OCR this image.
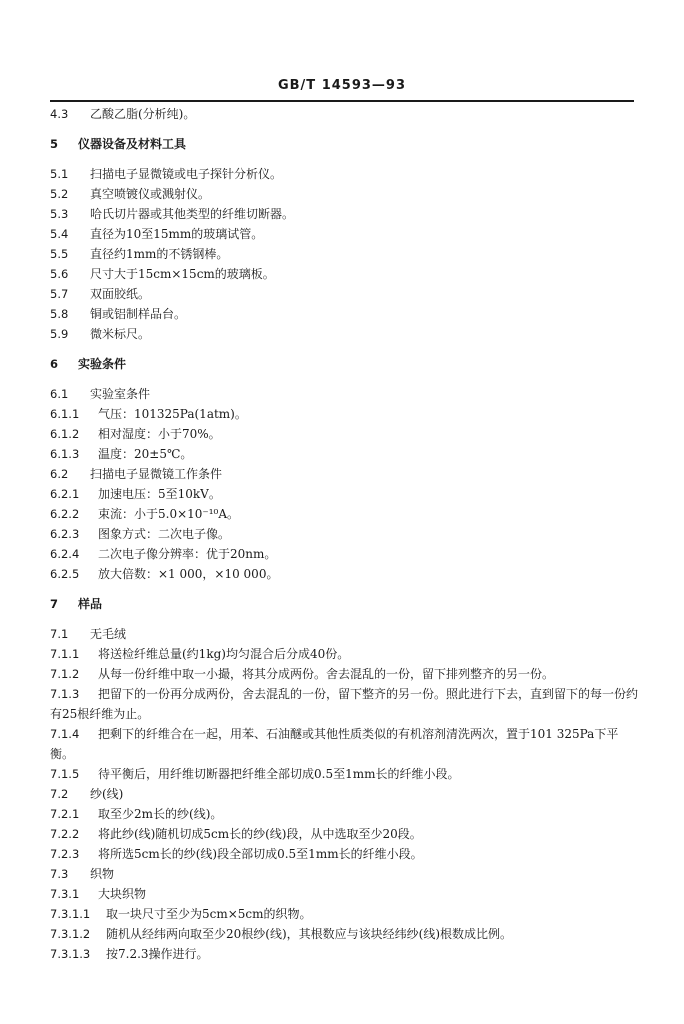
GB/T 14593—93
4.3 乙酸乙脂(分析纯)。
5 仪器设备及材料工具
5.1 扫描电子显微镜或电子探针分析仪。
5.2 真空喷镀仪或溅射仪。
5.3 哈氏切片器或其他类型的纤维切断器。
5.4 直径为10至15mm的玻璃试管。
5.5 直径约1mm的不锈钢棒。
5.6 尺寸大于15cm×15cm的玻璃板。
5.7 双面胶纸。
5.8 铜或铝制样品台。
5.9 微米标尺。
6 实验条件
6.1 实验室条件
6.1.1 气压：101325Pa(1atm)。
6.1.2 相对湿度：小于70%。
6.1.3 温度：20±5℃。
6.2 扫描电子显微镜工作条件
6.2.1 加速电压：5至10kV。
6.2.2 束流：小于5.0×10⁻¹⁰A。
6.2.3 图象方式：二次电子像。
6.2.4 二次电子像分辨率：优于20nm。
6.2.5 放大倍数：×1 000，×10 000。
7 样品
7.1 无毛绒
7.1.1 将送检纤维总量(约1kg)均匀混合后分成40份。
7.1.2 从每一份纤维中取一小撮，将其分成两份。舍去混乱的一份，留下排列整齐的另一份。
7.1.3 把留下的一份再分成两份，舍去混乱的一份，留下整齐的另一份。照此进行下去，直到留下的每一份约有25根纤维为止。
7.1.4 把剩下的纤维合在一起，用苯、石油醚或其他性质类似的有机溶剂清洗两次，置于101 325Pa下平衡。
7.1.5 待平衡后，用纤维切断器把纤维全部切成0.5至1mm长的纤维小段。
7.2 纱(线)
7.2.1 取至少2m长的纱(线)。
7.2.2 将此纱(线)随机切成5cm长的纱(线)段，从中选取至少20段。
7.2.3 将所选5cm长的纱(线)段全部切成0.5至1mm长的纤维小段。
7.3 织物
7.3.1 大块织物
7.3.1.1 取一块尺寸至少为5cm×5cm的织物。
7.3.1.2 随机从经纬两向取至少20根纱(线)，其根数应与该块经纬纱(线)根数成比例。
7.3.1.3 按7.2.3操作进行。
